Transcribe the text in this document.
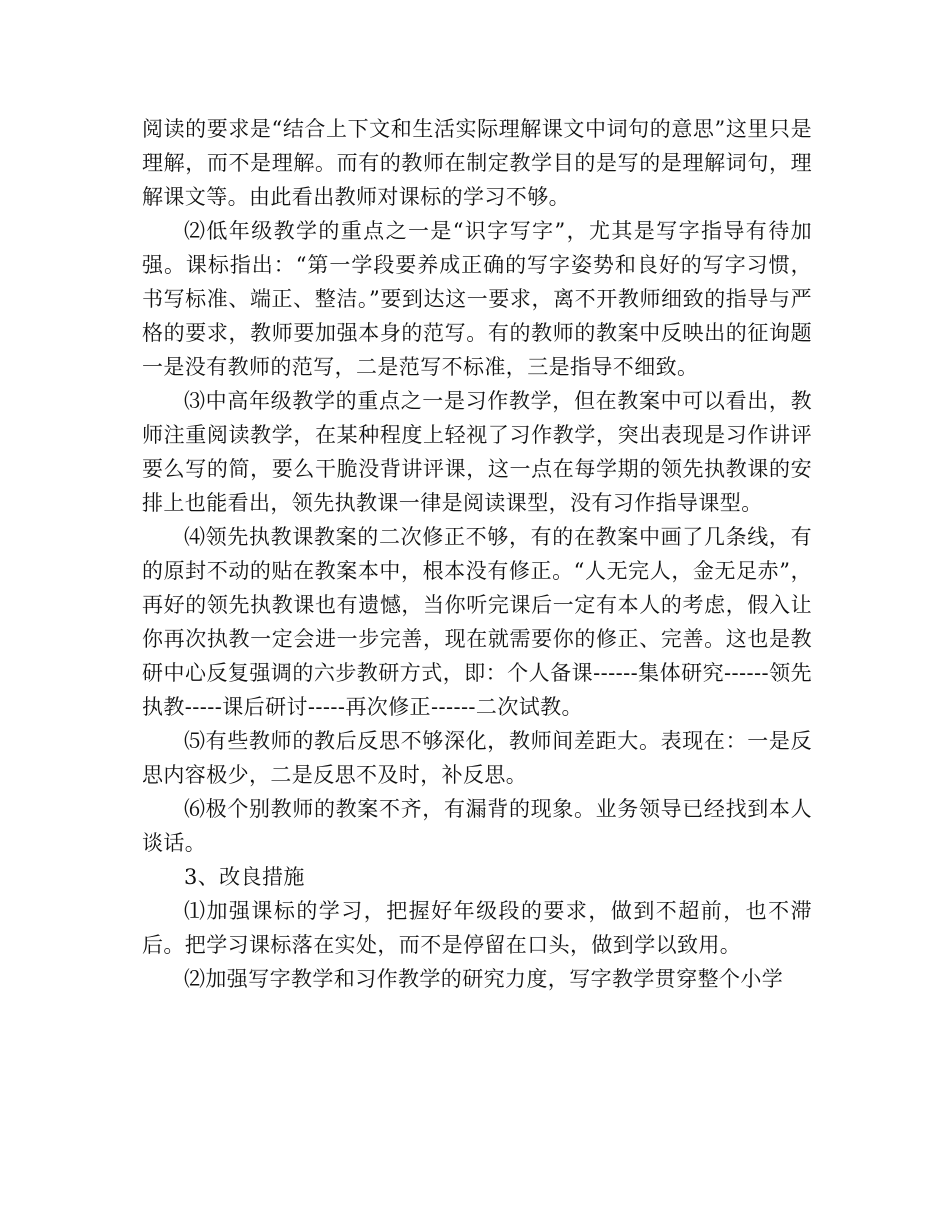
阅读的要求是“结合上下文和生活实际理解课文中词句的意思”这里只是理解，而不是理解。而有的教师在制定教学目的是写的是理解词句，理解课文等。由此看出教师对课标的学习不够。

⑵低年级教学的重点之一是“识字写字”，尤其是写字指导有待加强。课标指出：“第一学段要养成正确的写字姿势和良好的写字习惯，书写标准、端正、整洁。”要到达这一要求，离不开教师细致的指导与严格的要求，教师要加强本身的范写。有的教师的教案中反映出的征询题一是没有教师的范写，二是范写不标准，三是指导不细致。

⑶中高年级教学的重点之一是习作教学，但在教案中可以看出，教师注重阅读教学，在某种程度上轻视了习作教学，突出表现是习作讲评要么写的简，要么干脆没背讲评课，这一点在每学期的领先执教课的安排上也能看出，领先执教课一律是阅读课型，没有习作指导课型。

⑷领先执教课教案的二次修正不够，有的在教案中画了几条线，有的原封不动的贴在教案本中，根本没有修正。“人无完人，金无足赤”，再好的领先执教课也有遗憾，当你听完课后一定有本人的考虑，假入让你再次执教一定会进一步完善，现在就需要你的修正、完善。这也是教研中心反复强调的六步教研方式，即：个人备课------集体研究------领先执教-----课后研讨-----再次修正------二次试教。

⑸有些教师的教后反思不够深化，教师间差距大。表现在：一是反思内容极少，二是反思不及时，补反思。

⑹极个别教师的教案不齐，有漏背的现象。业务领导已经找到本人谈话。

3、改良措施

⑴加强课标的学习，把握好年级段的要求，做到不超前，也不滞后。把学习课标落在实处，而不是停留在口头，做到学以致用。

⑵加强写字教学和习作教学的研究力度，写字教学贯穿整个小学
